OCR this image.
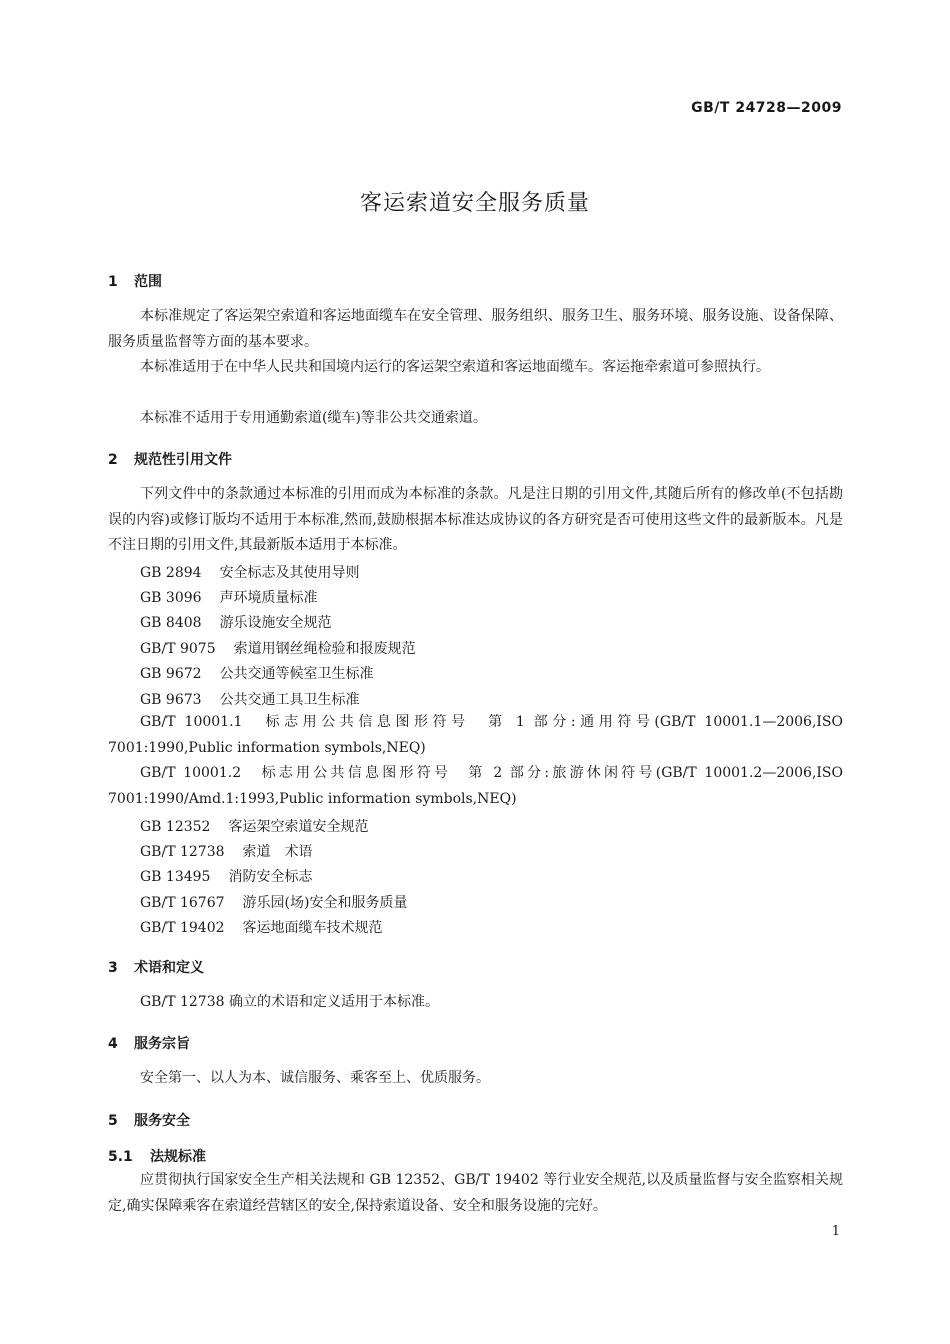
GB/T 24728—2009
客运索道安全服务质量
1 范围
本标准规定了客运架空索道和客运地面缆车在安全管理、服务组织、服务卫生、服务环境、服务设施、设备保障、服务质量监督等方面的基本要求。
本标准适用于在中华人民共和国境内运行的客运架空索道和客运地面缆车。客运拖牵索道可参照执行。
本标准不适用于专用通勤索道(缆车)等非公共交通索道。
2 规范性引用文件
下列文件中的条款通过本标准的引用而成为本标准的条款。凡是注日期的引用文件,其随后所有的修改单(不包括勘误的内容)或修订版均不适用于本标准,然而,鼓励根据本标准达成协议的各方研究是否可使用这些文件的最新版本。凡是不注日期的引用文件,其最新版本适用于本标准。
GB 2894 安全标志及其使用导则
GB 3096 声环境质量标准
GB 8408 游乐设施安全规范
GB/T 9075 索道用钢丝绳检验和报废规范
GB 9672 公共交通等候室卫生标准
GB 9673 公共交通工具卫生标准
GB/T 10001.1　标志用公共信息图形符号　第 1 部分:通用符号(GB/T 10001.1—2006,ISO 7001:1990,Public information symbols,NEQ)
GB/T 10001.2　标志用公共信息图形符号　第 2 部分:旅游休闲符号(GB/T 10001.2—2006,ISO 7001:1990/Amd.1:1993,Public information symbols,NEQ)
GB 12352 客运架空索道安全规范
GB/T 12738 索道　术语
GB 13495 消防安全标志
GB/T 16767 游乐园(场)安全和服务质量
GB/T 19402 客运地面缆车技术规范
3 术语和定义
GB/T 12738 确立的术语和定义适用于本标准。
4 服务宗旨
安全第一、以人为本、诚信服务、乘客至上、优质服务。
5 服务安全
5.1 法规标准
应贯彻执行国家安全生产相关法规和 GB 12352、GB/T 19402 等行业安全规范,以及质量监督与安全监察相关规定,确实保障乘客在索道经营辖区的安全,保持索道设备、安全和服务设施的完好。
1
